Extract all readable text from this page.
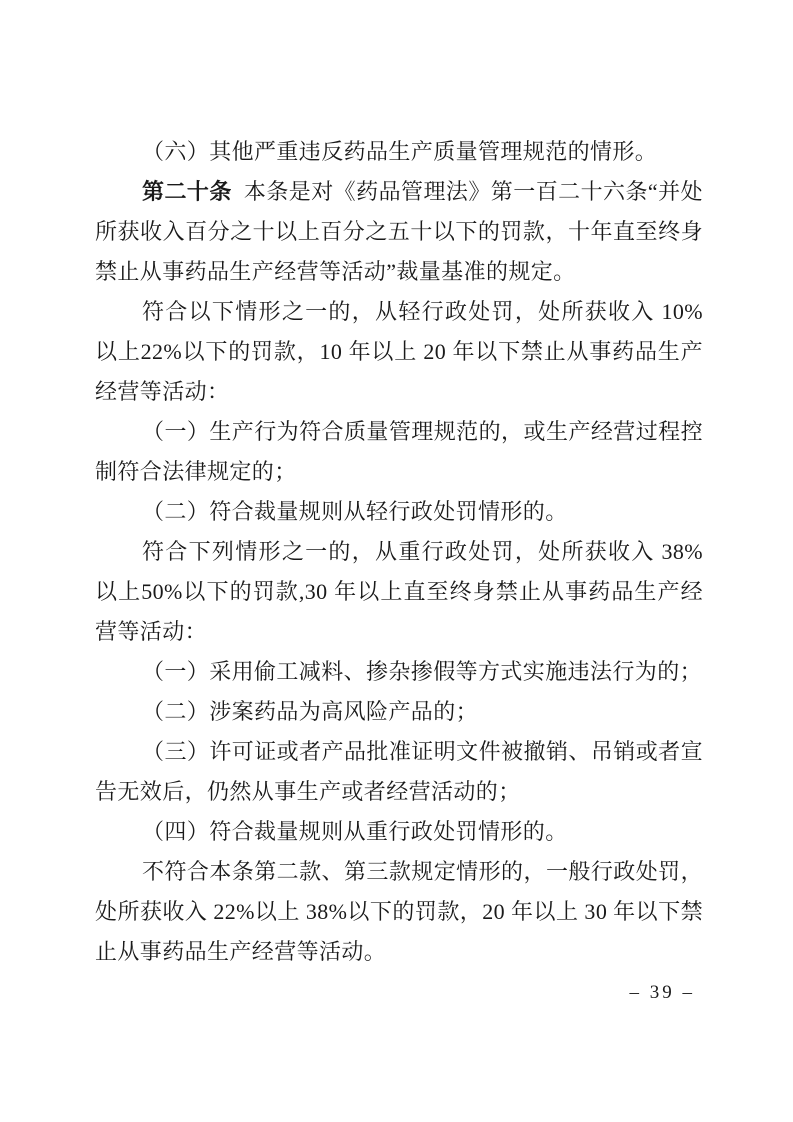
（六）其他严重违反药品生产质量管理规范的情形。

第二十条 本条是对《药品管理法》第一百二十六条“并处所获收入百分之十以上百分之五十以下的罚款，十年直至终身禁止从事药品生产经营等活动”裁量基准的规定。

符合以下情形之一的，从轻行政处罚，处所获收入 10%以上22%以下的罚款，10 年以上 20 年以下禁止从事药品生产经营等活动：

（一）生产行为符合质量管理规范的，或生产经营过程控制符合法律规定的；

（二）符合裁量规则从轻行政处罚情形的。

符合下列情形之一的，从重行政处罚，处所获收入 38%以上50%以下的罚款,30 年以上直至终身禁止从事药品生产经营等活动：

（一）采用偷工减料、掺杂掺假等方式实施违法行为的；

（二）涉案药品为高风险产品的；

（三）许可证或者产品批准证明文件被撤销、吊销或者宣告无效后，仍然从事生产或者经营活动的；

（四）符合裁量规则从重行政处罚情形的。

不符合本条第二款、第三款规定情形的，一般行政处罚，处所获收入 22%以上 38%以下的罚款，20 年以上 30 年以下禁止从事药品生产经营等活动。

– 39 –
